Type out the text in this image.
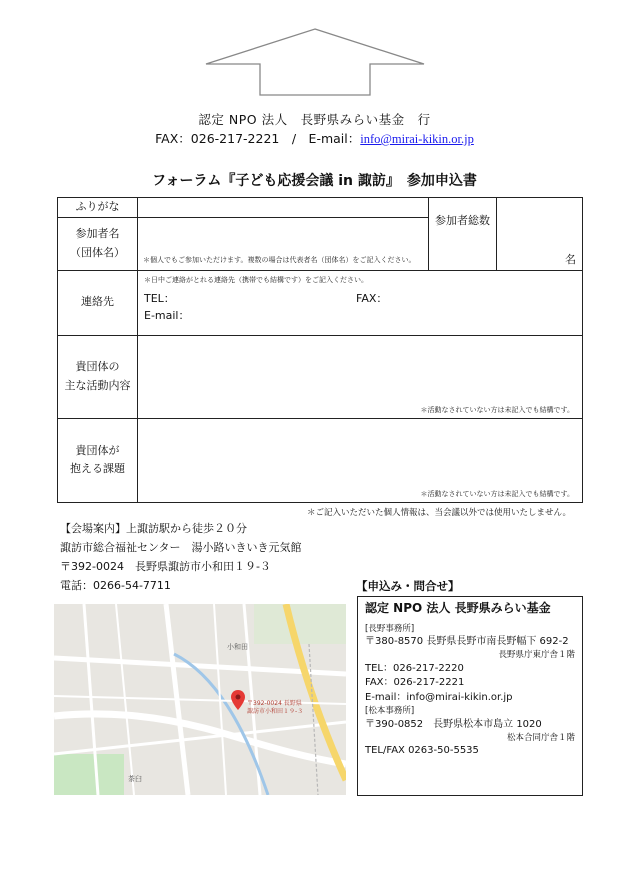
認定 NPO 法人　長野県みらい基金　行
FAX：026-217-2221　/　E-mail：info@mirai-kikin.or.jp
フォーラム『子ども応援会議 in 諏訪』　参加申込書
ふりがな		参加者総数	名

参加者名
（団体名）	＊個人でもご参加いただけます。複数の場合は代表者名（団体名）をご記入ください。		
連絡先	＊日中ご連絡がとれる連絡先（携帯でも結構です）をご記入ください。
TEL： FAX：
E-mail：		

貴団体の
主な活動内容	＊活動なされていない方は未記入でも結構です。		

貴団体が
抱える課題	＊活動なされていない方は未記入でも結構です。		
＊ご記入いただいた個人情報は、当会議以外では使用いたしません。
【会場案内】上諏訪駅から徒歩２０分
諏訪市総合福祉センター　湯小路いきいき元気館
〒392-0024　長野県諏訪市小和田１９-３
電話：0266-54-7711	【申込み・問合せ】
〒392-0024 長野県
諏訪市小和田１９-３
小和田
茶臼
認定 NPO 法人 長野県みらい基金
[長野事務所]
〒380-8570 長野県長野市南長野幅下 692-2
長野県庁東庁舎１階
TEL：026-217-2220
FAX：026-217-2221
E-mail：info@mirai-kikin.or.jp
[松本事務所]
〒390-0852　長野県松本市島立 1020
松本合同庁舎１階
TEL/FAX 0263-50-5535
